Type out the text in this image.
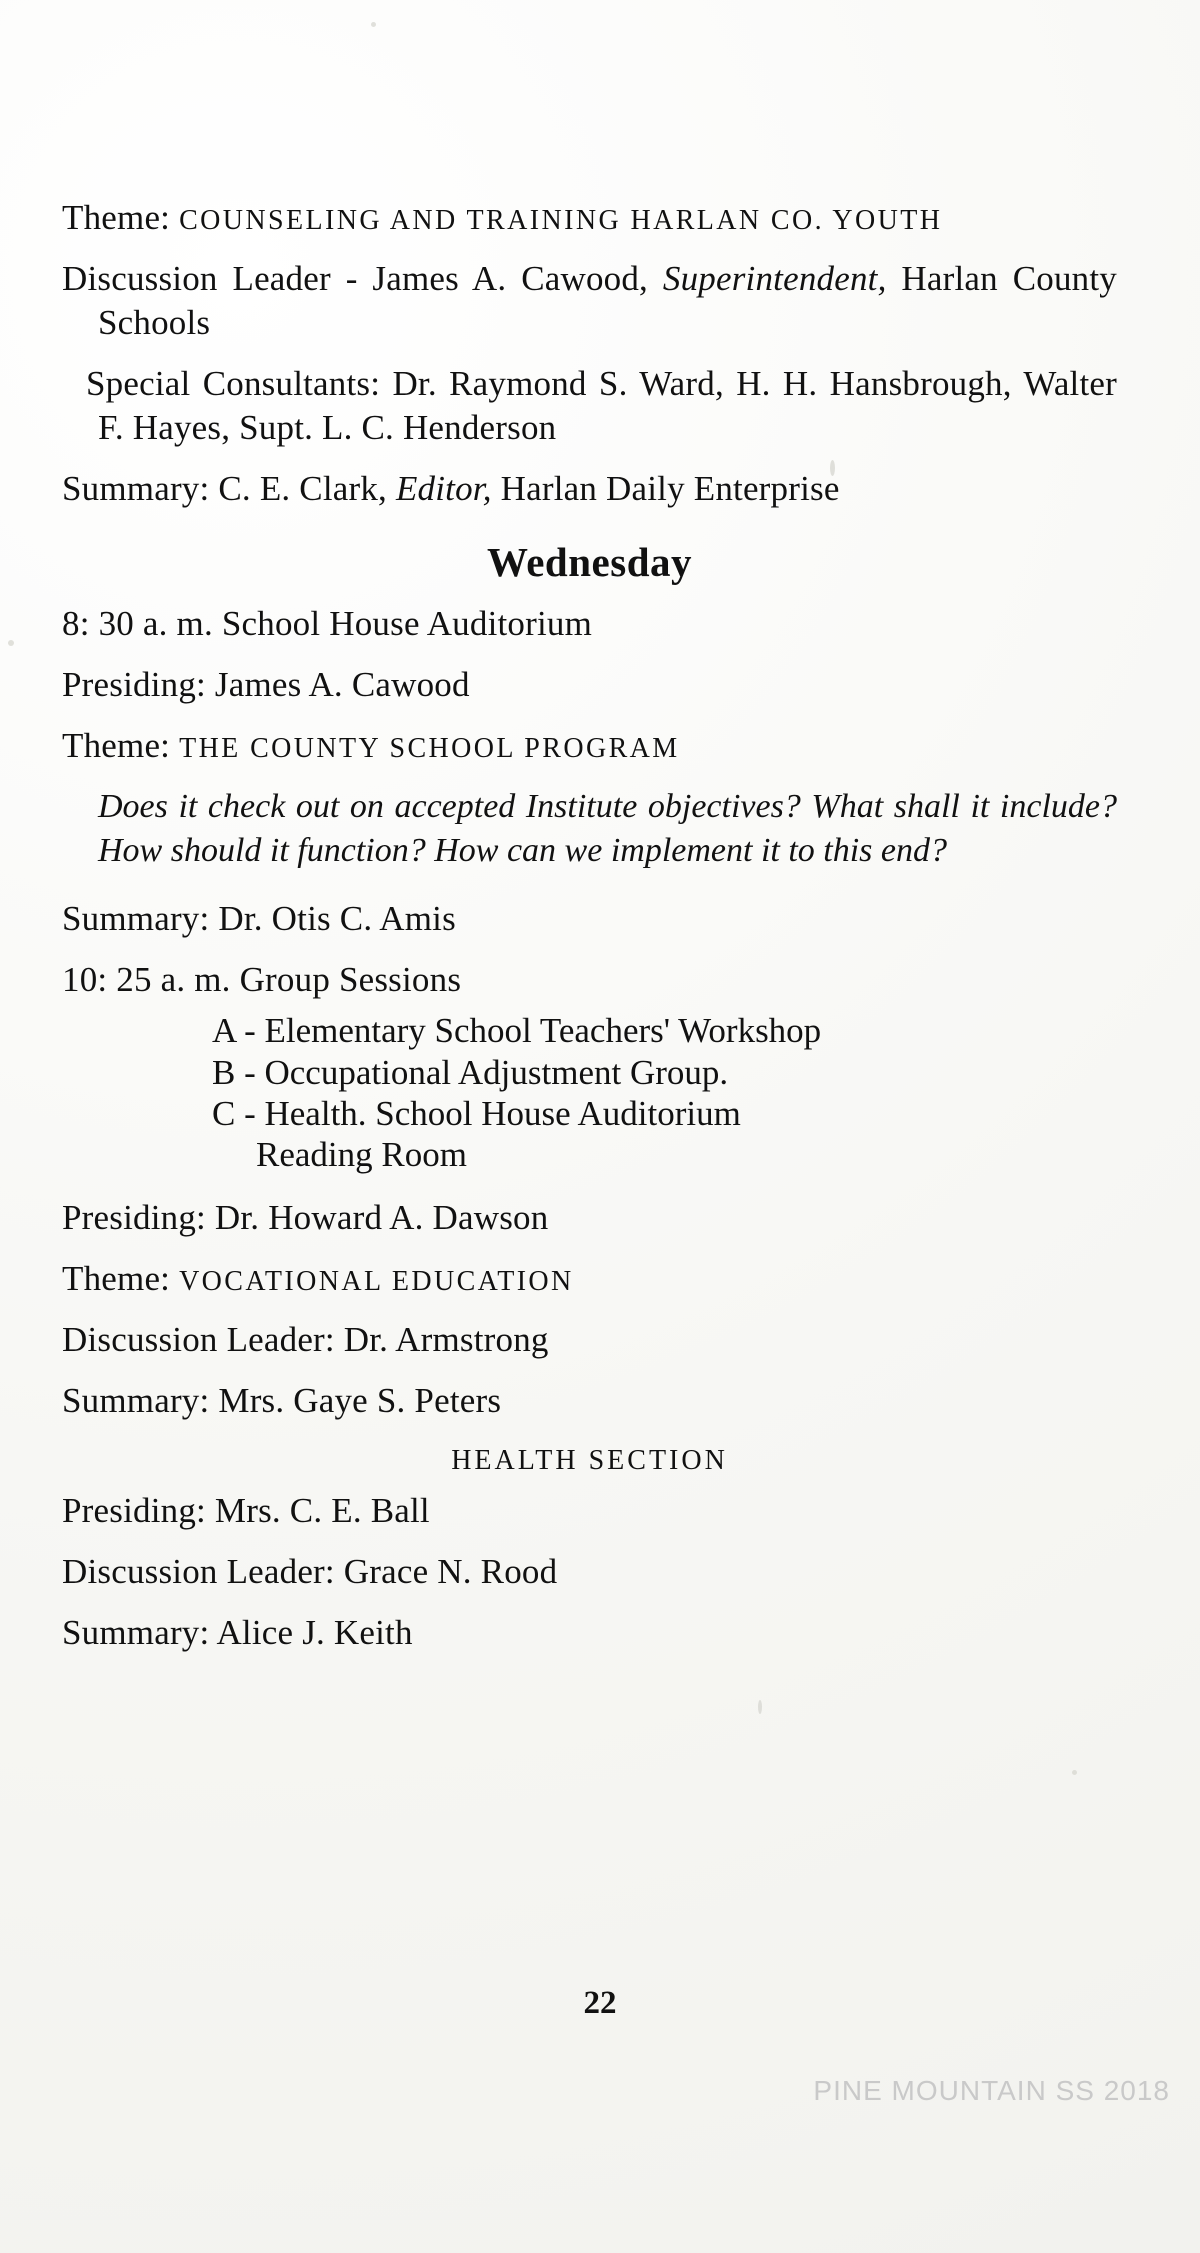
Theme: COUNSELING AND TRAINING HARLAN CO. YOUTH
Discussion Leader - James A. Cawood, Superintendent, Harlan County Schools
Special Consultants: Dr. Raymond S. Ward, H. H. Hansbrough, Walter F. Hayes, Supt. L. C. Henderson
Summary: C. E. Clark, Editor, Harlan Daily Enterprise
Wednesday
8: 30 a. m. School House Auditorium
Presiding: James A. Cawood
Theme: THE COUNTY SCHOOL PROGRAM
Does it check out on accepted Institute objectives? What shall it include? How should it function? How can we implement it to this end?
Summary: Dr. Otis C. Amis
10: 25 a. m. Group Sessions
A - Elementary School Teachers' Workshop
B - Occupational Adjustment Group.
C - Health. School House Auditorium
Reading Room
Presiding: Dr. Howard A. Dawson
Theme: VOCATIONAL EDUCATION
Discussion Leader: Dr. Armstrong
Summary: Mrs. Gaye S. Peters
HEALTH SECTION
Presiding: Mrs. C. E. Ball
Discussion Leader: Grace N. Rood
Summary: Alice J. Keith
22
PINE MOUNTAIN SS 2018
